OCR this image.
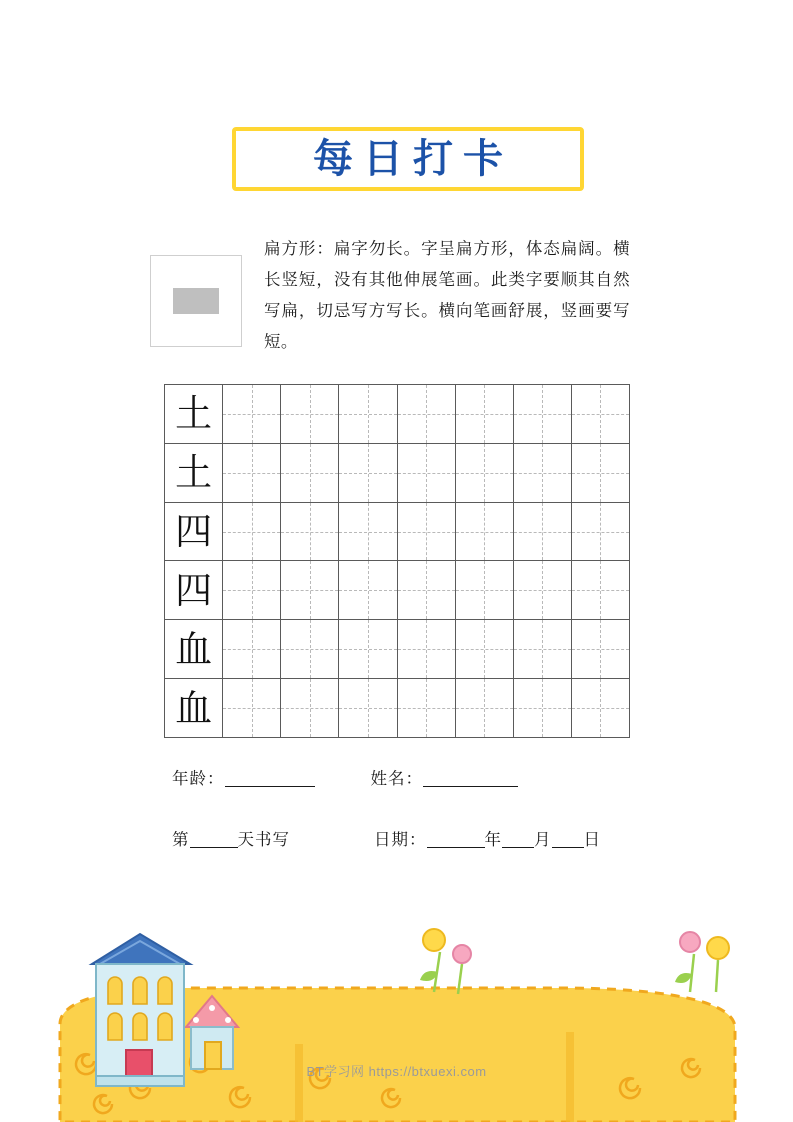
每日打卡
扁方形：扁字勿长。字呈扁方形，体态扁阔。横长竖短，没有其他伸展笔画。此类字要顺其自然写扁，切忌写方写长。横向笔画舒展，竖画要写短。
土
土
四
四
血
血
年龄：	姓名：
第	天书写	日期：	年 月 日
BT学习网 https://btxuexi.com
